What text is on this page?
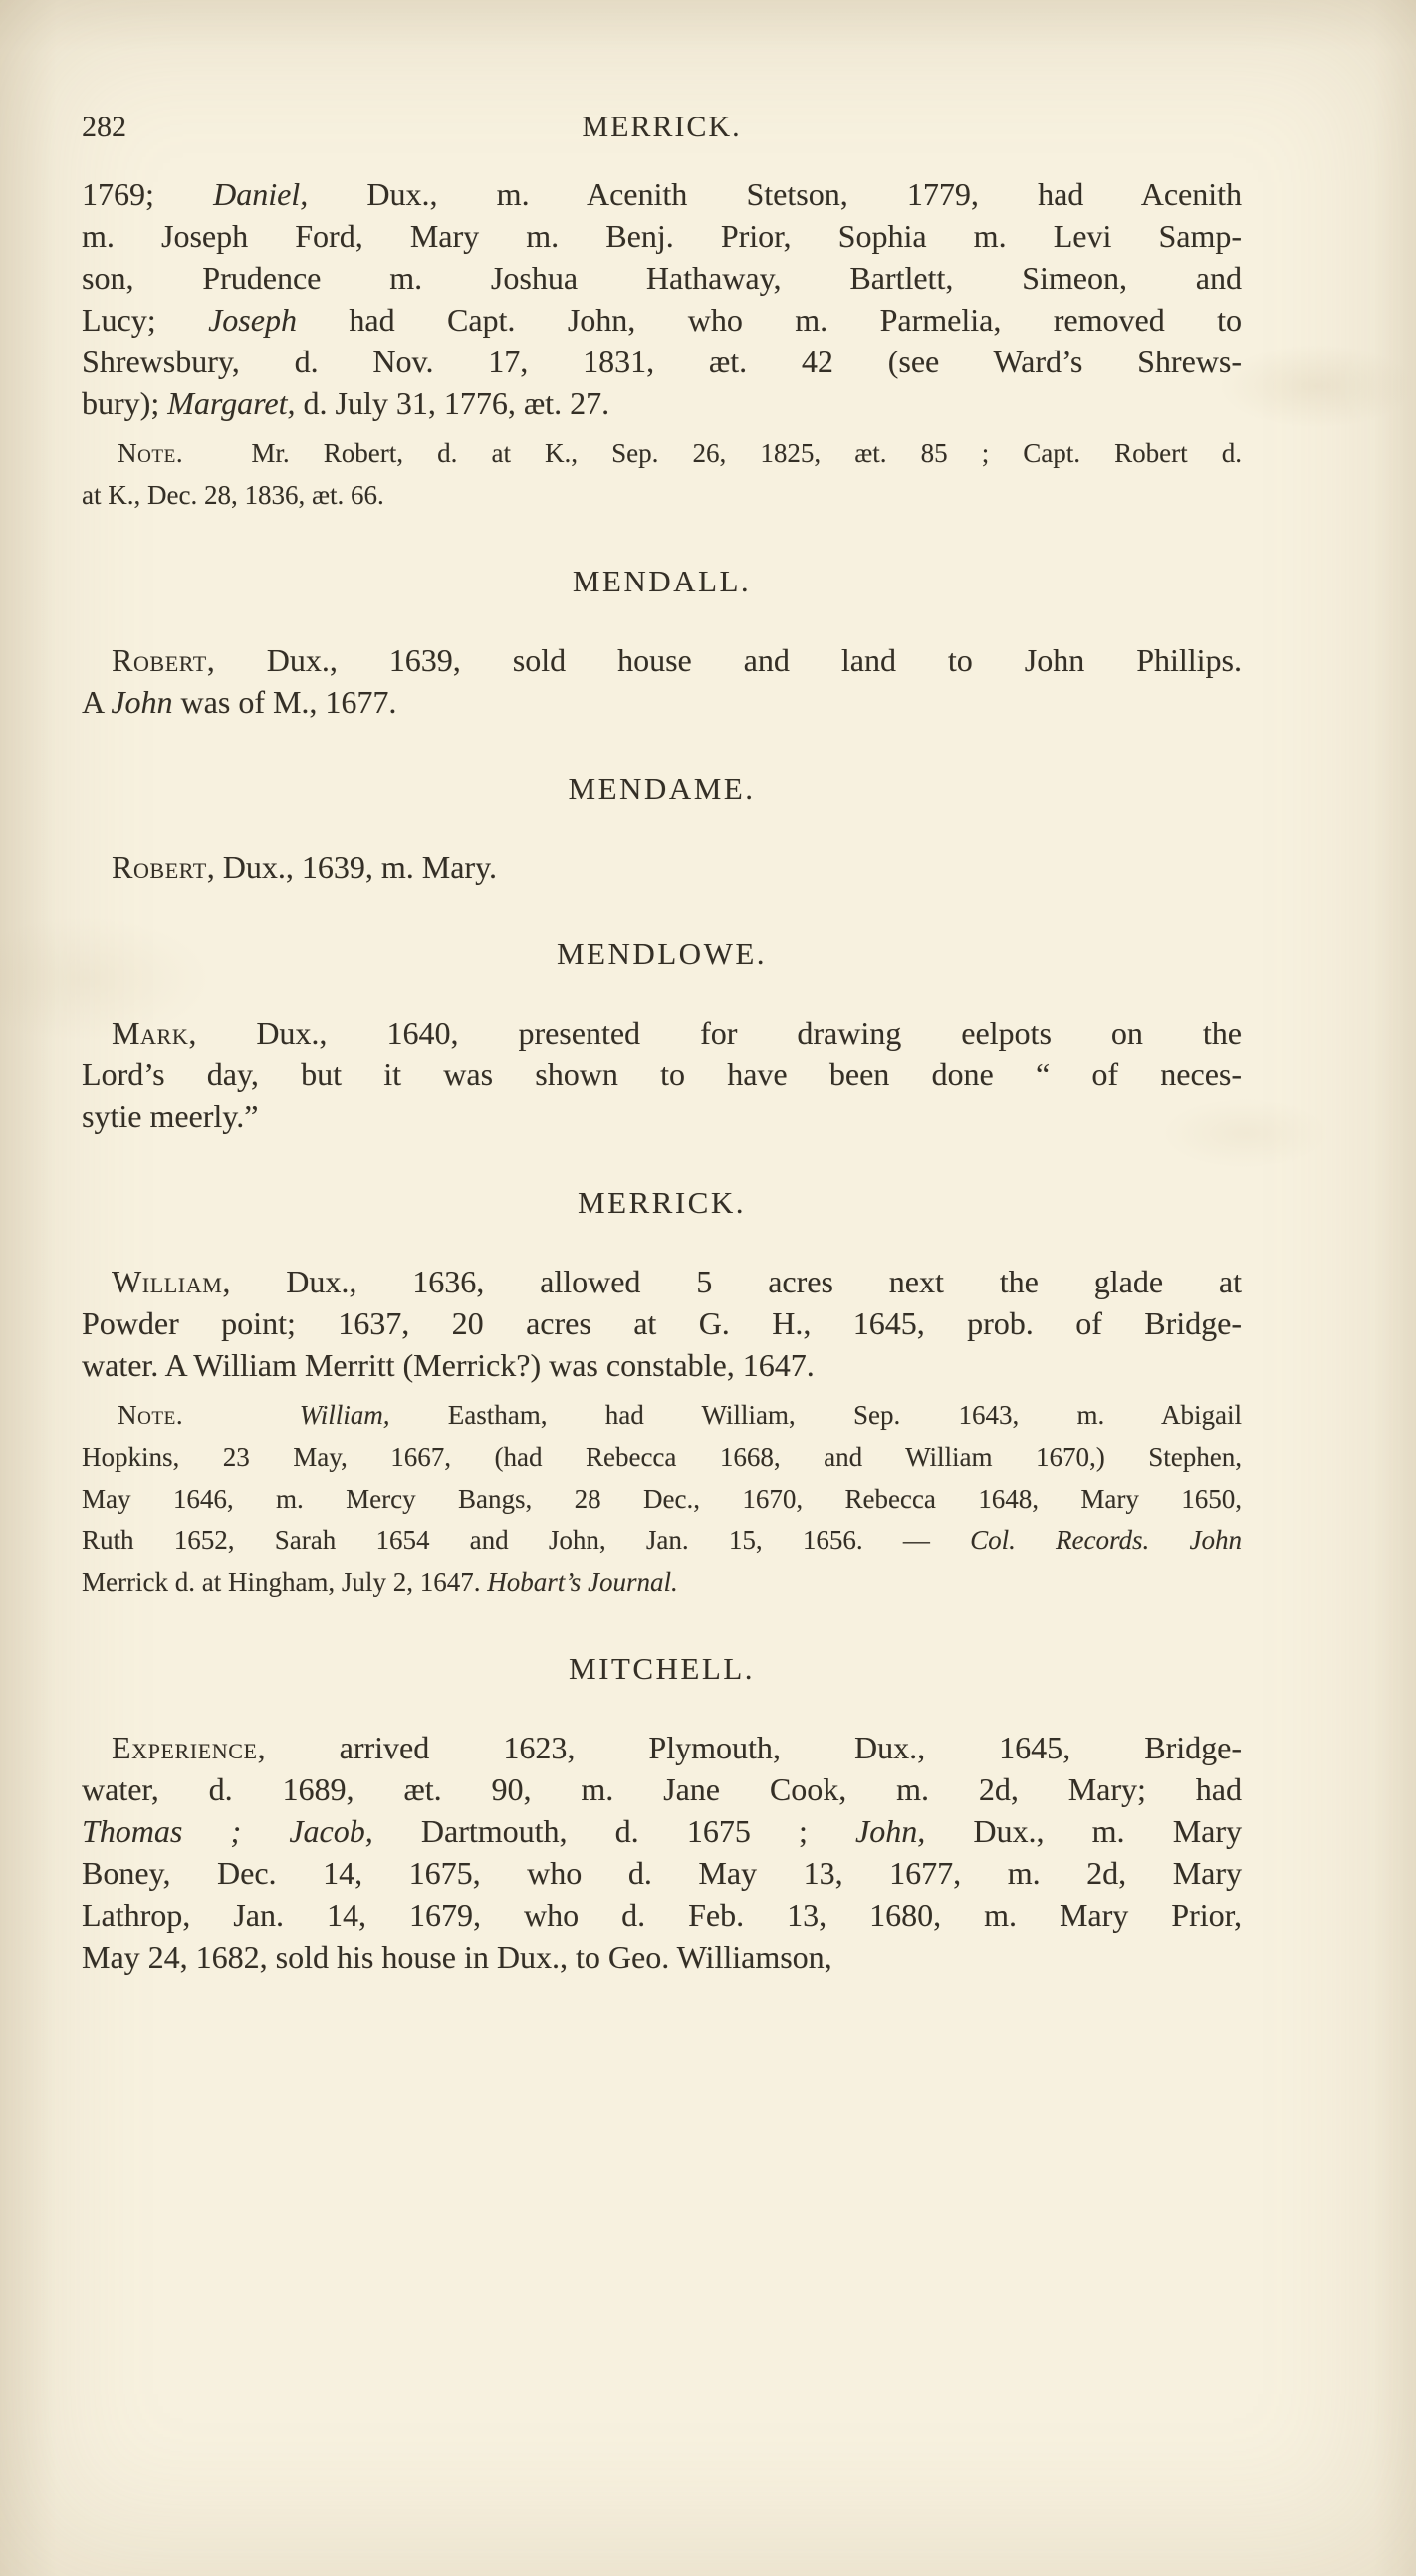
282	MERRICK.
1769; Daniel, Dux., m. Acenith Stetson, 1779, had Acenith
m. Joseph Ford, Mary m. Benj. Prior, Sophia m. Levi Samp-
son, Prudence m. Joshua Hathaway, Bartlett, Simeon, and
Lucy; Joseph had Capt. John, who m. Parmelia, removed to
Shrewsbury, d. Nov. 17, 1831, æt. 42 (see Ward’s Shrews-
bury); Margaret, d. July 31, 1776, æt. 27.
Note.  Mr. Robert, d. at K., Sep. 26, 1825, æt. 85 ; Capt. Robert d.
at K., Dec. 28, 1836, æt. 66.
MENDALL.
Robert, Dux., 1639, sold house and land to John Phillips.
A John was of M., 1677.
MENDAME.
Robert, Dux., 1639, m. Mary.
MENDLOWE.
Mark, Dux., 1640, presented for drawing eelpots on the
Lord’s day, but it was shown to have been done “ of neces-
sytie meerly.”
MERRICK.
William, Dux., 1636, allowed 5 acres next the glade at
Powder point; 1637, 20 acres at G. H., 1645, prob. of Bridge-
water. A William Merritt (Merrick?) was constable, 1647.
Note.	William, Eastham, had William, Sep. 1643, m. Abigail
Hopkins, 23 May, 1667, (had Rebecca 1668, and William 1670,) Stephen,
May 1646, m. Mercy Bangs, 28 Dec., 1670, Rebecca 1648, Mary 1650,
Ruth 1652, Sarah 1654 and John, Jan. 15, 1656. — Col. Records. John
Merrick d. at Hingham, July 2, 1647. Hobart’s Journal.
MITCHELL.
Experience, arrived 1623, Plymouth, Dux., 1645, Bridge-
water, d. 1689, æt. 90, m. Jane Cook, m. 2d, Mary; had
Thomas ; Jacob, Dartmouth, d. 1675 ; John, Dux., m. Mary
Boney, Dec. 14, 1675, who d. May 13, 1677, m. 2d, Mary
Lathrop, Jan. 14, 1679, who d. Feb. 13, 1680, m. Mary Prior,
May 24, 1682, sold his house in Dux., to Geo. Williamson,
